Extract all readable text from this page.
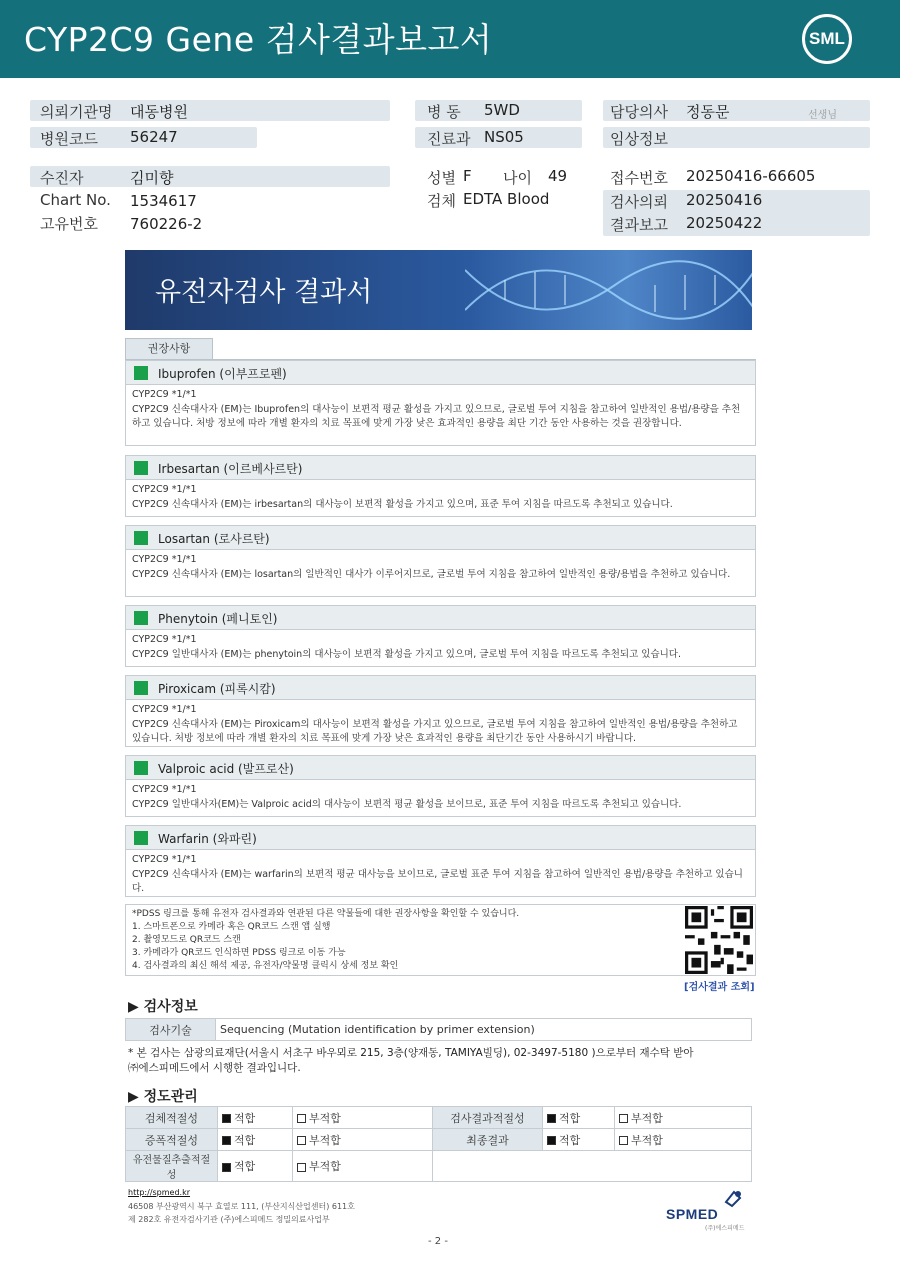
CYP2C9 Gene 검사결과보고서	SML
의뢰기관명 대동병원
병원코드 56247
병 동 5WD
진료과 NS05
담당의사 정동문	선생님
임상정보
수진자	김미향
Chart No. 1534617
고유번호 760226-2
성별 F 나이 49
검체 EDTA Blood
접수번호 20250416-66605
검사의뢰 20250416
결과보고 20250422
유전자검사 결과서
권장사항
Ibuprofen (이부프로펜)
CYP2C9 *1/*1
CYP2C9 신속대사자 (EM)는 Ibuprofen의 대사능이 보편적 평균 활성을 가지고 있으므로, 글로벌 투여 지침을 참고하여 일반적인 용법/용량을 추천하고 있습니다. 처방 정보에 따라 개별 환자의 치료 목표에 맞게 가장 낮은 효과적인 용량을 최단 기간 동안 사용하는 것을 권장합니다.
Irbesartan (이르베사르탄)
CYP2C9 *1/*1
CYP2C9 신속대사자 (EM)는 irbesartan의 대사능이 보편적 활성을 가지고 있으며, 표준 투여 지침을 따르도록 추천되고 있습니다.
Losartan (로사르탄)
CYP2C9 *1/*1
CYP2C9 신속대사자 (EM)는 losartan의 일반적인 대사가 이루어지므로, 글로벌 투여 지침을 참고하여 일반적인 용량/용법을 추천하고 있습니다.
Phenytoin (페니토인)
CYP2C9 *1/*1
CYP2C9 일반대사자 (EM)는 phenytoin의 대사능이 보편적 활성을 가지고 있으며, 글로벌 투여 지침을 따르도록 추천되고 있습니다.
Piroxicam (피록시캄)
CYP2C9 *1/*1
CYP2C9 신속대사자 (EM)는 Piroxicam의 대사능이 보편적 활성을 가지고 있으므로, 글로벌 투여 지침을 참고하여 일반적인 용법/용량을 추천하고 있습니다. 처방 정보에 따라 개별 환자의 치료 목표에 맞게 가장 낮은 효과적인 용량을 최단기간 동안 사용하시기 바랍니다.
Valproic acid (발프로산)
CYP2C9 *1/*1
CYP2C9 일반대사자(EM)는 Valproic acid의 대사능이 보편적 평균 활성을 보이므로, 표준 투여 지침을 따르도록 추천되고 있습니다.
Warfarin (와파린)
CYP2C9 *1/*1
CYP2C9 신속대사자 (EM)는 warfarin의 보편적 평균 대사능을 보이므로, 글로벌 표준 투여 지침을 참고하여 일반적인 용법/용량을 추천하고 있습니다.
*PDSS 링크를 통해 유전자 검사결과와 연관된 다른 약물들에 대한 권장사항을 확인할 수 있습니다.
1. 스마트폰으로 카메라 혹은 QR코드 스캔 앱 실행
2. 촬영모드로 QR코드 스캔
3. 카메라가 QR코드 인식하면 PDSS 링크로 이동 가능
4. 검사결과의 최신 해석 제공, 유전자/약물명 클릭시 상세 정보 확인
[검사결과 조회]
▶ 검사정보
검사기술	Sequencing (Mutation identification by primer extension)
* 본 검사는 삼광의료재단(서울시 서초구 바우뫼로 215, 3층(양재동, TAMIYA빌딩), 02-3497-5180 )으로부터 재수탁 받아
㈜에스피메드에서 시행한 결과입니다.
▶ 정도관리
검체적절성	적합	부적합	검사결과적절성	적합	부적합
증폭적절성	적합	부적합	최종결과	적합	부적합
유전물질추출적절성	적합	부적합			
http://spmed.kr
46508 부산광역시 북구 효열로 111, (부산지식산업센터) 611호
제 282호 유전자검사기관 (주)에스피메드 정밀의료사업부	SPMED
(주)에스피메드
- 2 -
